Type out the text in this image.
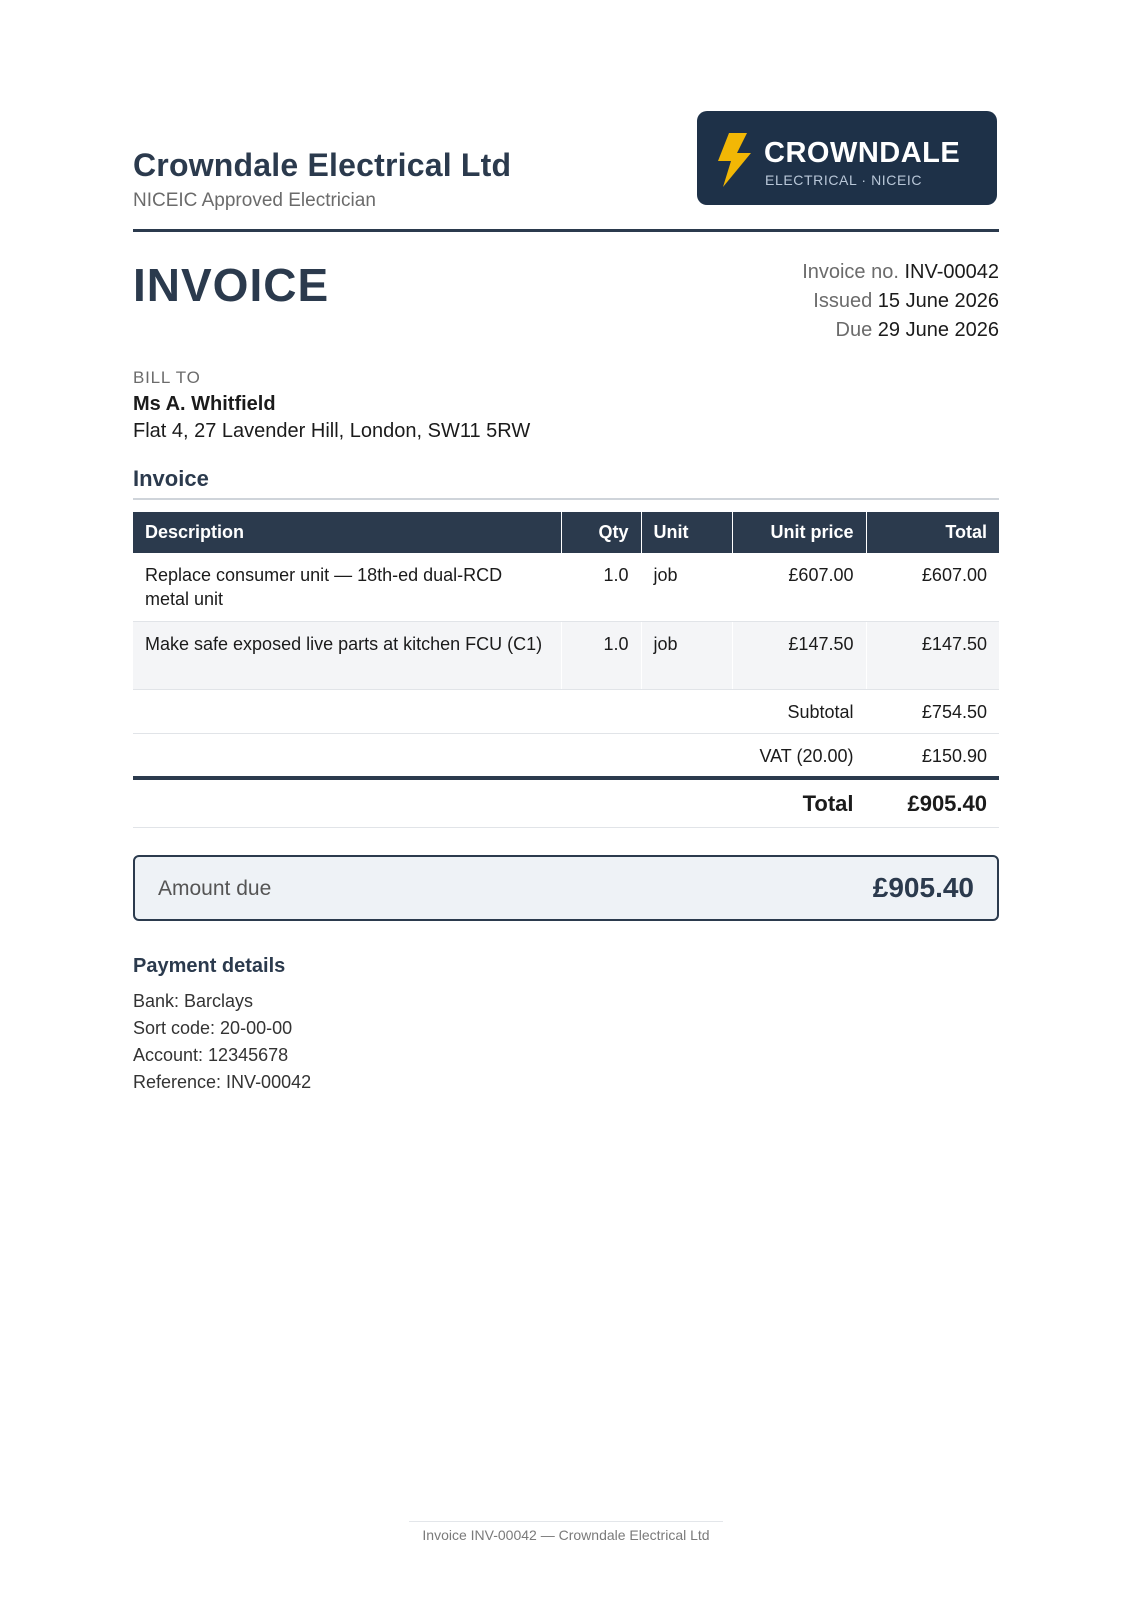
Crowndale Electrical Ltd
NICEIC Approved Electrician
CROWNDALE
ELECTRICAL · NICEIC
INVOICE	Invoice no. INV-00042
Issued 15 June 2026
Due 29 June 2026
BILL TO
Ms A. Whitfield
Flat 4, 27 Lavender Hill, London, SW11 5RW
Invoice
Description	Qty	Unit	Unit price	Total
Replace consumer unit — 18th-ed dual-RCD metal unit	1.0	job	£607.00	£607.00
Make safe exposed live parts at kitchen FCU (C1)	1.0	job	£147.50	£147.50
			Subtotal	£754.50
			VAT (20.00)	£150.90
			Total	£905.40
Amount due	£905.40
Payment details
Bank: Barclays
Sort code: 20-00-00
Account: 12345678
Reference: INV-00042
Invoice INV-00042 — Crowndale Electrical Ltd
